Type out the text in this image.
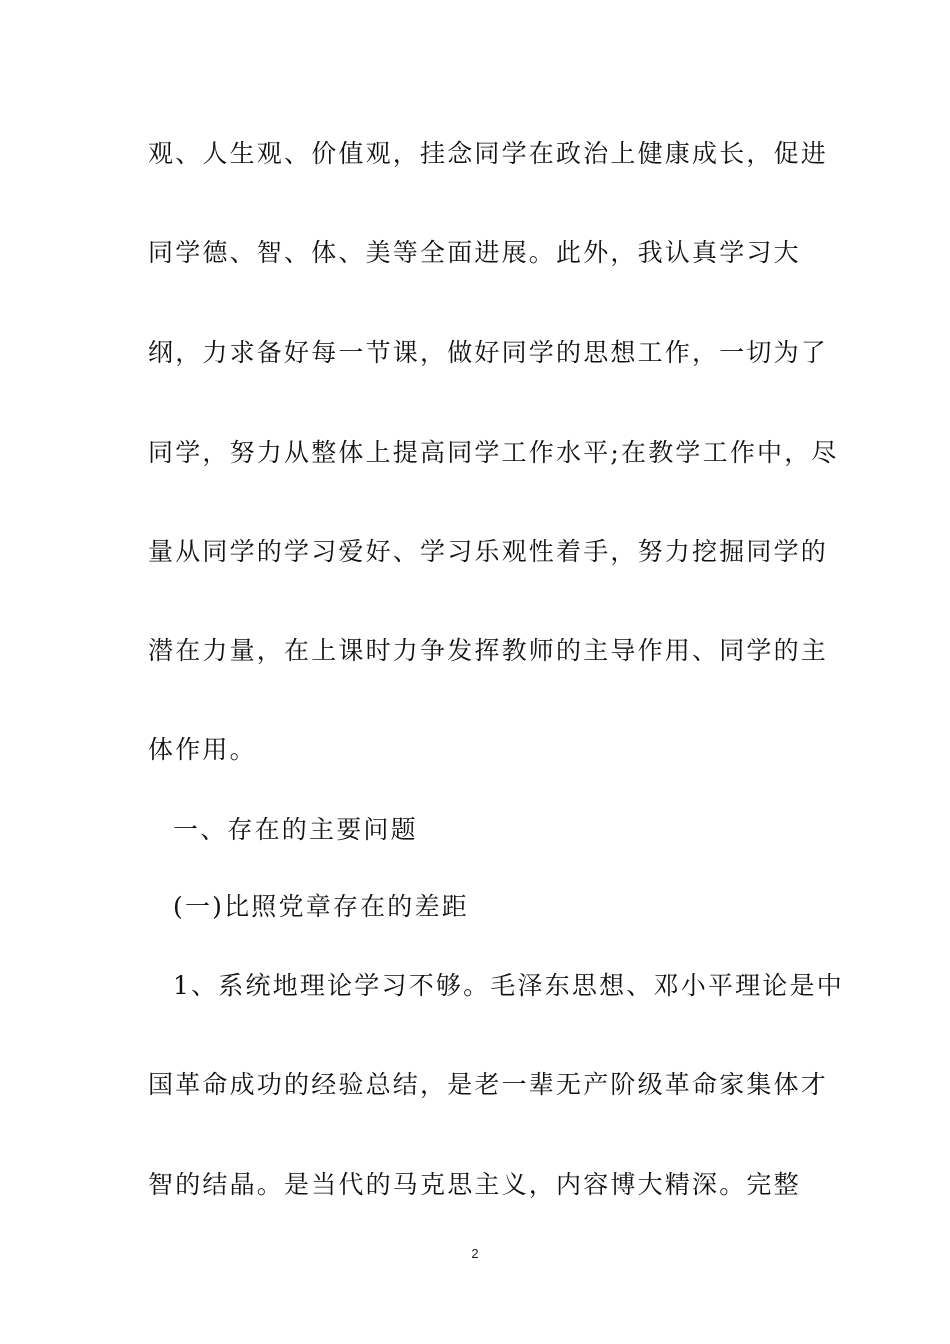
观、人生观、价值观，挂念同学在政治上健康成长，促进
同学德、智、体、美等全面进展。此外，我认真学习大
纲，力求备好每一节课，做好同学的思想工作，一切为了
同学，努力从整体上提高同学工作水平;在教学工作中，尽
量从同学的学习爱好、学习乐观性着手，努力挖掘同学的
潜在力量，在上课时力争发挥教师的主导作用、同学的主
体作用。
一、存在的主要问题
(一)比照党章存在的差距
1、系统地理论学习不够。毛泽东思想、邓小平理论是中
国革命成功的经验总结，是老一辈无产阶级革命家集体才
智的结晶。是当代的马克思主义，内容博大精深。完整
2
